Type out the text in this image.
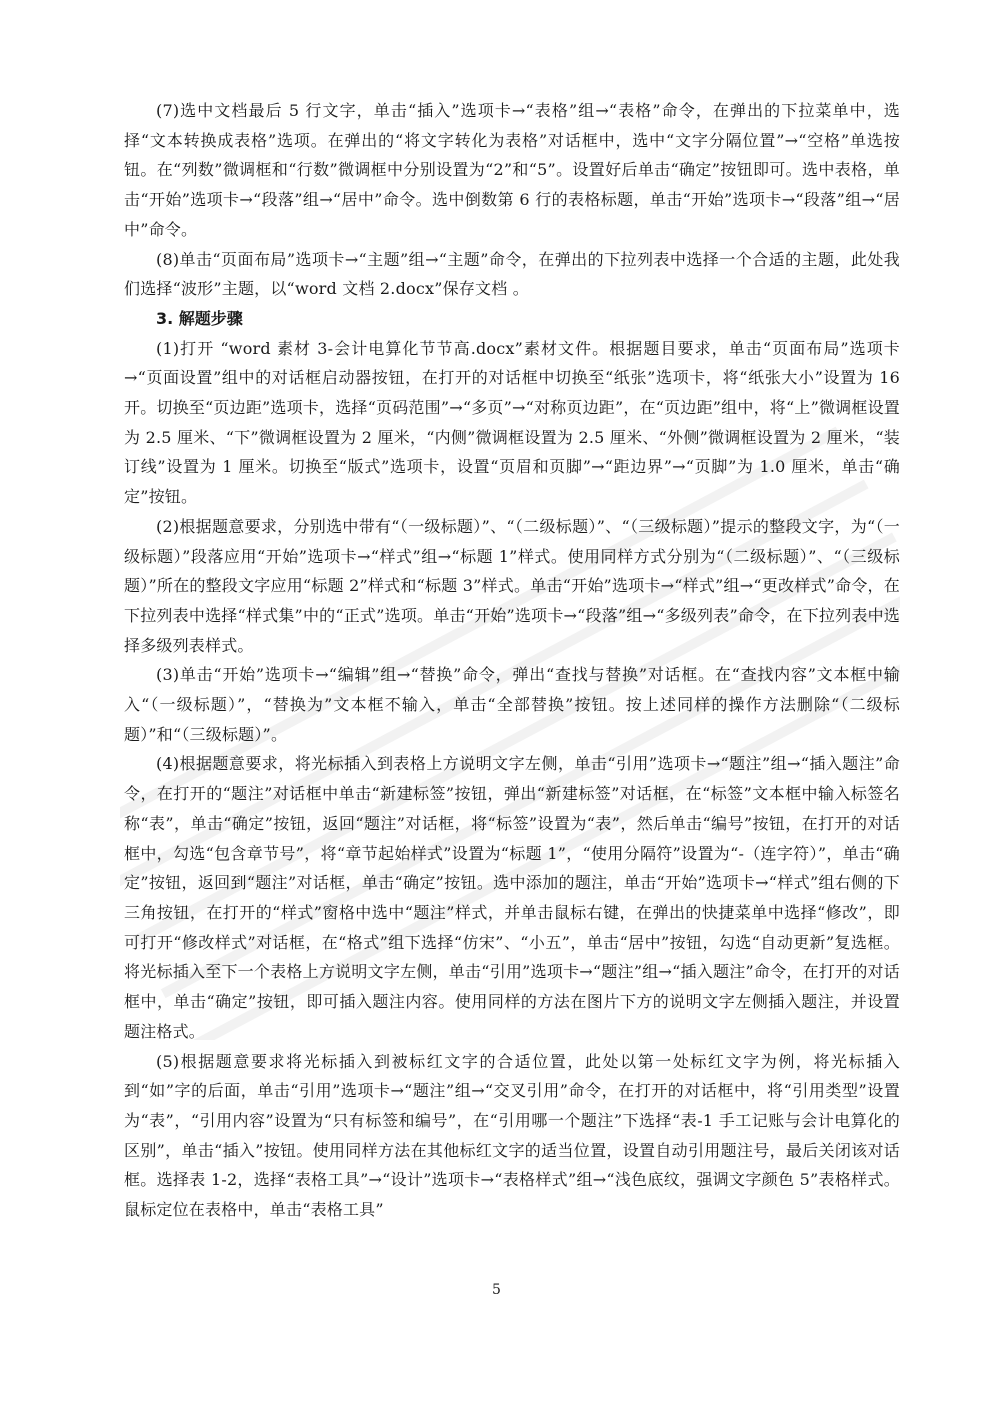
(7)选中文档最后 5 行文字，单击“插入”选项卡→“表格”组→“表格”命令，在弹出的下拉菜单中，选择“文本转换成表格”选项。在弹出的“将文字转化为表格”对话框中，选中“文字分隔位置”→“空格”单选按钮。在“列数”微调框和“行数”微调框中分别设置为“2”和“5”。设置好后单击“确定”按钮即可。选中表格，单击“开始”选项卡→“段落”组→“居中”命令。选中倒数第 6 行的表格标题，单击“开始”选项卡→“段落”组→“居中”命令。

(8)单击“页面布局”选项卡→“主题”组→“主题”命令，在弹出的下拉列表中选择一个合适的主题，此处我们选择“波形”主题，以“word 文档 2.docx”保存文档 。

3. 解题步骤

(1)打开 “word 素材 3-会计电算化节节高.docx”素材文件。根据题目要求，单击“页面布局”选项卡→“页面设置”组中的对话框启动器按钮，在打开的对话框中切换至“纸张”选项卡，将“纸张大小”设置为 16 开。切换至“页边距”选项卡，选择“页码范围”→“多页”→“对称页边距”，在“页边距”组中，将“上”微调框设置为 2.5 厘米、“下”微调框设置为 2 厘米，“内侧”微调框设置为 2.5 厘米、“外侧”微调框设置为 2 厘米，“装订线”设置为 1 厘米。切换至“版式”选项卡，设置“页眉和页脚”→“距边界”→“页脚”为 1.0 厘米，单击“确定”按钮。

(2)根据题意要求，分别选中带有“（一级标题）”、“（二级标题）”、“（三级标题）”提示的整段文字，为“（一级标题）”段落应用“开始”选项卡→“样式”组→“标题 1”样式。使用同样方式分别为“（二级标题）”、“（三级标题）”所在的整段文字应用“标题 2”样式和“标题 3”样式。单击“开始”选项卡→“样式”组→“更改样式”命令，在下拉列表中选择“样式集”中的“正式”选项。单击“开始”选项卡→“段落”组→“多级列表”命令，在下拉列表中选择多级列表样式。

(3)单击“开始”选项卡→“编辑”组→“替换”命令，弹出“查找与替换”对话框。在“查找内容”文本框中输入“（一级标题）”，“替换为”文本框不输入，单击“全部替换”按钮。按上述同样的操作方法删除“（二级标题）”和“（三级标题）”。

(4)根据题意要求，将光标插入到表格上方说明文字左侧，单击“引用”选项卡→“题注”组→“插入题注”命令，在打开的“题注”对话框中单击“新建标签”按钮，弹出“新建标签”对话框，在“标签”文本框中输入标签名称“表”，单击“确定”按钮，返回“题注”对话框，将“标签”设置为“表”，然后单击“编号”按钮，在打开的对话框中，勾选“包含章节号”，将“章节起始样式”设置为“标题 1”，“使用分隔符”设置为“-（连字符）”，单击“确定”按钮，返回到“题注”对话框，单击“确定”按钮。选中添加的题注，单击“开始”选项卡→“样式”组右侧的下三角按钮，在打开的“样式”窗格中选中“题注”样式，并单击鼠标右键，在弹出的快捷菜单中选择“修改”，即可打开“修改样式”对话框，在“格式”组下选择“仿宋”、“小五”，单击“居中”按钮，勾选“自动更新”复选框。将光标插入至下一个表格上方说明文字左侧，单击“引用”选项卡→“题注”组→“插入题注”命令，在打开的对话框中，单击“确定”按钮，即可插入题注内容。使用同样的方法在图片下方的说明文字左侧插入题注，并设置题注格式。

(5)根据题意要求将光标插入到被标红文字的合适位置，此处以第一处标红文字为例，将光标插入到“如”字的后面，单击“引用”选项卡→“题注”组→“交叉引用”命令，在打开的对话框中，将“引用类型”设置为“表”，“引用内容”设置为“只有标签和编号”，在“引用哪一个题注”下选择“表-1 手工记账与会计电算化的区别”，单击“插入”按钮。使用同样方法在其他标红文字的适当位置，设置自动引用题注号，最后关闭该对话框。选择表 1-2，选择“表格工具”→“设计”选项卡→“表格样式”组→“浅色底纹，强调文字颜色 5”表格样式。鼠标定位在表格中，单击“表格工具”

5
